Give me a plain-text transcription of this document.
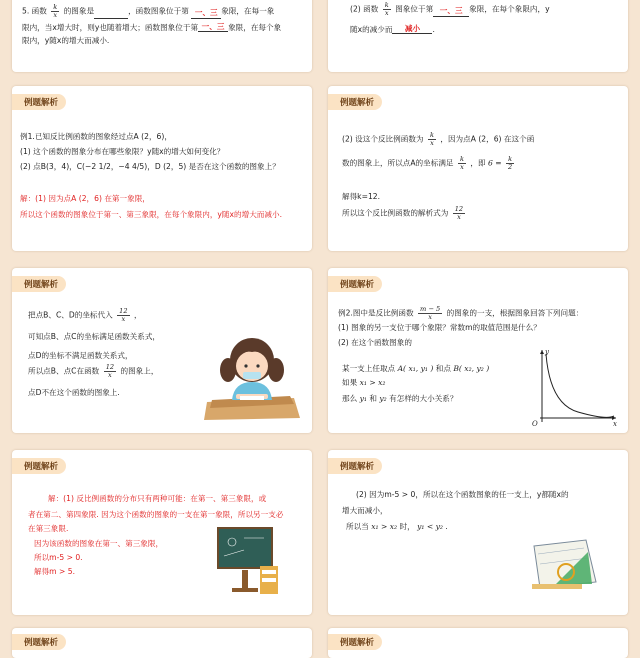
5. 函数 $\frac{k}{x}$ 的图象是	，函数图象位于第 一、三 象限，在每一象
限内，当x增大时，则y也随着增大；函数图象位于第 一、三 象限，在每个象
限内，y随x的增大而减小.
(2) 函数 $\frac{k}{x}$ 图象位于第 一、三 象限，在每个象限内，y
随x的减少而 减小 .
例题解析
例1.已知反比例函数的图象经过点A (2，6)，
(1) 这个函数的图象分布在哪些象限？y随x的增大如何变化？
(2) 点B(3，4)，C(−2 1/2，−4 4/5)，D (2，5) 是否在这个函数的图象上？
解：(1) 因为点A (2，6) 在第一象限，
所以这个函数的图象位于第一、第三象限，在每个象限内，y随x的增大而减小.
例题解析
(2) 设这个反比例函数为 $\frac{k}{x}$ ，因为点A (2，6) 在这个函
数的图象上，所以点A的坐标满足 $\frac{k}{x}$ ，即 $6 = \frac{k}{2}$
解得k=12.
所以这个反比例函数的解析式为 $\frac{12}{x}$
例题解析
把点B、C、D的坐标代入 $\frac{12}{x}$ ，
可知点B、点C的坐标满足函数关系式，
点D的坐标不满足函数关系式，
所以点B、点C在函数 $\frac{12}{x}$ 的图象上，
点D不在这个函数的图象上.
例题解析
例2.图中是反比例函数 $\frac{m - 5}{x}$ 的图象的一支，根据图象回答下列问题：
(1) 图象的另一支位于哪个象限？常数m的取值范围是什么？
(2) 在这个函数图象的
某一支上任取点 A( x₁, y₁ ) 和点 B( x₂, y₂ )
如果 x₁ > x₂
那么 y₁ 和 y₂ 有怎样的大小关系？
y
x
O
例题解析
解：(1) 反比例函数的分布只有两种可能：在第一、第三象限，或
者在第二、第四象限. 因为这个函数的图象的一支在第一象限，所以另一支必
在第三象限.
因为该函数的图象在第一、第三象限，
所以m-5 > 0.
解得m > 5.
例题解析
(2) 因为m-5 > 0，所以在这个函数图象的任一支上，y都随x的
增大而减小，
所以当 x₁ > x₂ 时， y₁ < y₂ .
例题解析	例题解析
